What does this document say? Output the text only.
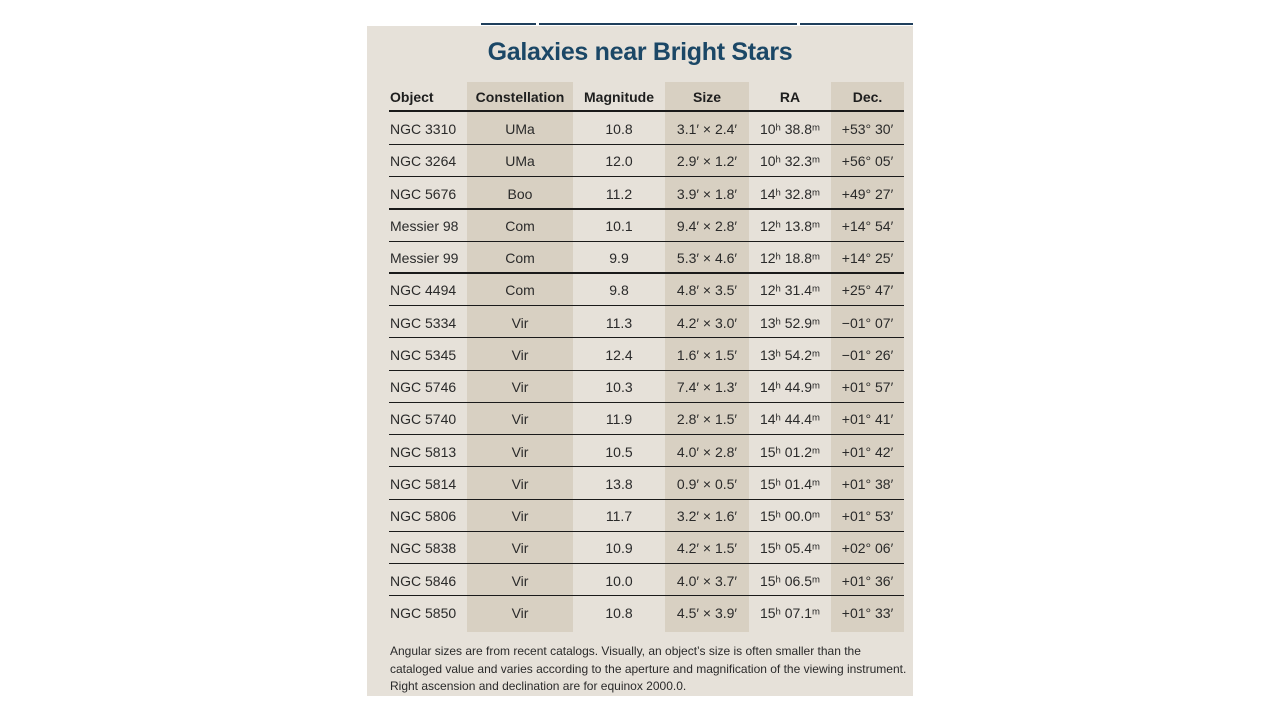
Galaxies near Bright Stars
Object	Constellation	Magnitude	Size	RA	Dec.
NGC 3310	UMa	10.8	3.1′ × 2.4′	10ʰ 38.8ᵐ	+53° 30′
NGC 3264	UMa	12.0	2.9′ × 1.2′	10ʰ 32.3ᵐ	+56° 05′
NGC 5676	Boo	11.2	3.9′ × 1.8′	14ʰ 32.8ᵐ	+49° 27′
Messier 98	Com	10.1	9.4′ × 2.8′	12ʰ 13.8ᵐ	+14° 54′
Messier 99	Com	9.9	5.3′ × 4.6′	12ʰ 18.8ᵐ	+14° 25′
NGC 4494	Com	9.8	4.8′ × 3.5′	12ʰ 31.4ᵐ	+25° 47′
NGC 5334	Vir	11.3	4.2′ × 3.0′	13ʰ 52.9ᵐ	−01° 07′
NGC 5345	Vir	12.4	1.6′ × 1.5′	13ʰ 54.2ᵐ	−01° 26′
NGC 5746	Vir	10.3	7.4′ × 1.3′	14ʰ 44.9ᵐ	+01° 57′
NGC 5740	Vir	11.9	2.8′ × 1.5′	14ʰ 44.4ᵐ	+01° 41′
NGC 5813	Vir	10.5	4.0′ × 2.8′	15ʰ 01.2ᵐ	+01° 42′
NGC 5814	Vir	13.8	0.9′ × 0.5′	15ʰ 01.4ᵐ	+01° 38′
NGC 5806	Vir	11.7	3.2′ × 1.6′	15ʰ 00.0ᵐ	+01° 53′
NGC 5838	Vir	10.9	4.2′ × 1.5′	15ʰ 05.4ᵐ	+02° 06′
NGC 5846	Vir	10.0	4.0′ × 3.7′	15ʰ 06.5ᵐ	+01° 36′
NGC 5850	Vir	10.8	4.5′ × 3.9′	15ʰ 07.1ᵐ	+01° 33′
Angular sizes are from recent catalogs. Visually, an object’s size is often smaller than the cataloged value and varies according to the aperture and magnification of the viewing instrument. Right ascension and declination are for equinox 2000.0.
